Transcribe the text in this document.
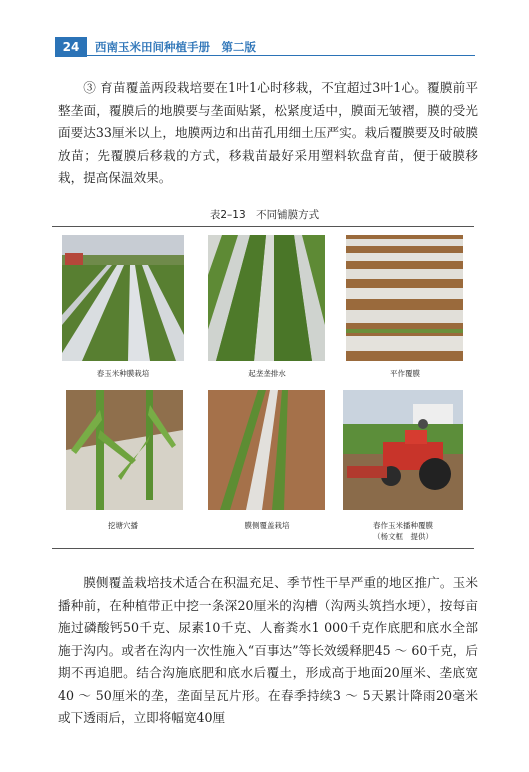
24	西南玉米田间种植手册　第二版

③ 育苗覆盖两段栽培要在1叶1心时移栽，不宜超过3叶1心。覆膜前平整垄面，覆膜后的地膜要与垄面贴紧，松紧度适中，膜面无皱褶，膜的受光面要达33厘米以上，地膜两边和出苗孔用细土压严实。栽后覆膜要及时破膜放苗；先覆膜后移栽的方式，移栽苗最好采用塑料软盘育苗，便于破膜移栽，提高保温效果。

表2–13　不同铺膜方式
春玉米种膜栽培	起垄垄排水	平作覆膜
挖塘穴播	膜侧覆盖栽培	春作玉米播种覆膜
（杨文框　提供）

膜侧覆盖栽培技术适合在积温充足、季节性干旱严重的地区推广。玉米播种前，在种植带正中挖一条深20厘米的沟槽（沟两头筑挡水埂），按每亩施过磷酸钙50千克、尿素10千克、人畜粪水1 000千克作底肥和底水全部施于沟内。或者在沟内一次性施入“百事达”等长效缓释肥45 ～ 60千克，后期不再追肥。结合沟施底肥和底水后覆土，形成高于地面20厘米、垄底宽40 ～ 50厘米的垄，垄面呈瓦片形。在春季持续3 ～ 5天累计降雨20毫米或下透雨后，立即将幅宽40厘
